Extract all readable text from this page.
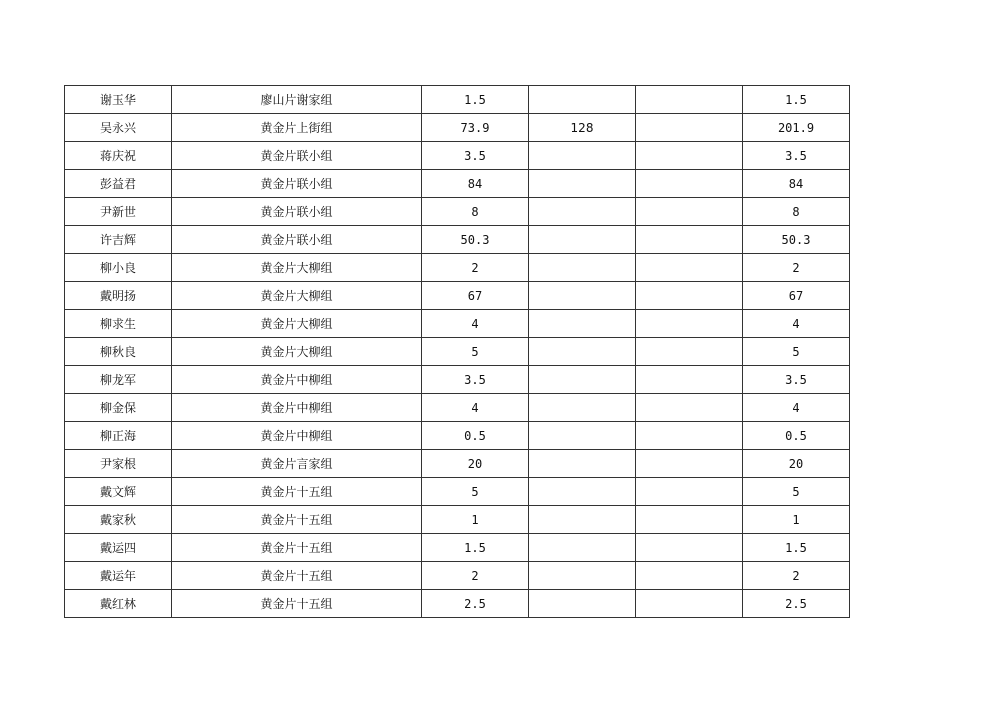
谢玉华	廖山片谢家组	1.5			1.5
吴永兴	黄金片上街组	73.9	128		201.9
蒋庆祝	黄金片联小组	3.5			3.5
彭益君	黄金片联小组	84			84
尹新世	黄金片联小组	8			8
许吉辉	黄金片联小组	50.3			50.3
柳小良	黄金片大柳组	2			2
戴明扬	黄金片大柳组	67			67
柳求生	黄金片大柳组	4			4
柳秋良	黄金片大柳组	5			5
柳龙军	黄金片中柳组	3.5			3.5
柳金保	黄金片中柳组	4			4
柳正海	黄金片中柳组	0.5			0.5
尹家根	黄金片言家组	20			20
戴文辉	黄金片十五组	5			5
戴家秋	黄金片十五组	1			1
戴运四	黄金片十五组	1.5			1.5
戴运年	黄金片十五组	2			2
戴红林	黄金片十五组	2.5			2.5
